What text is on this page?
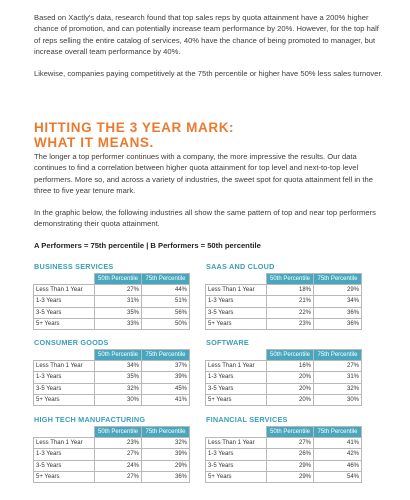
Based on Xactly's data, research found that top sales reps by quota attainment have a 200% higher chance of promotion, and can potentially increase team performance by 20%. However, for the top half of reps selling the entire catalog of services, 40% have the chance of being promoted to manager, but increase overall team performance by 40%.

Likewise, companies paying competitively at the 75th percentile or higher have 50% less sales turnover.

HITTING THE 3 YEAR MARK:
WHAT IT MEANS.

The longer a top performer continues with a company, the more impressive the results. Our data continues to find a correlation between higher quota attainment for top level and next-to-top level performers. More so, and across a variety of industries, the sweet spot for quota attainment fell in the three to five year tenure mark.

In the graphic below, the following industries all show the same pattern of top and near top performers demonstrating their quota attainment.

A Performers = 75th percentile | B Performers = 50th percentile
BUSINESS SERVICES
	50th Percentile	75th Percentile
Less Than 1 Year	27%	44%
1-3 Years	31%	51%
3-5 Years	35%	56%
5+ Years	33%	50%
SAAS AND CLOUD
	50th Percentile	75th Percentile
Less Than 1 Year	18%	29%
1-3 Years	21%	34%
3-5 Years	22%	36%
5+ Years	23%	36%
CONSUMER GOODS
	50th Percentile	75th Percentile
Less Than 1 Year	34%	37%
1-3 Years	35%	39%
3-5 Years	32%	45%
5+ Years	30%	41%
SOFTWARE
	50th Percentile	75th Percentile
Less Than 1 Year	16%	27%
1-3 Years	20%	31%
3-5 Years	20%	32%
5+ Years	20%	30%
HIGH TECH MANUFACTURING
	50th Percentile	75th Percentile
Less Than 1 Year	23%	32%
1-3 Years	27%	39%
3-5 Years	24%	29%
5+ Years	27%	36%
FINANCIAL SERVICES
	50th Percentile	75th Percentile
Less Than 1 Year	27%	41%
1-3 Years	26%	42%
3-5 Years	29%	46%
5+ Years	29%	54%
